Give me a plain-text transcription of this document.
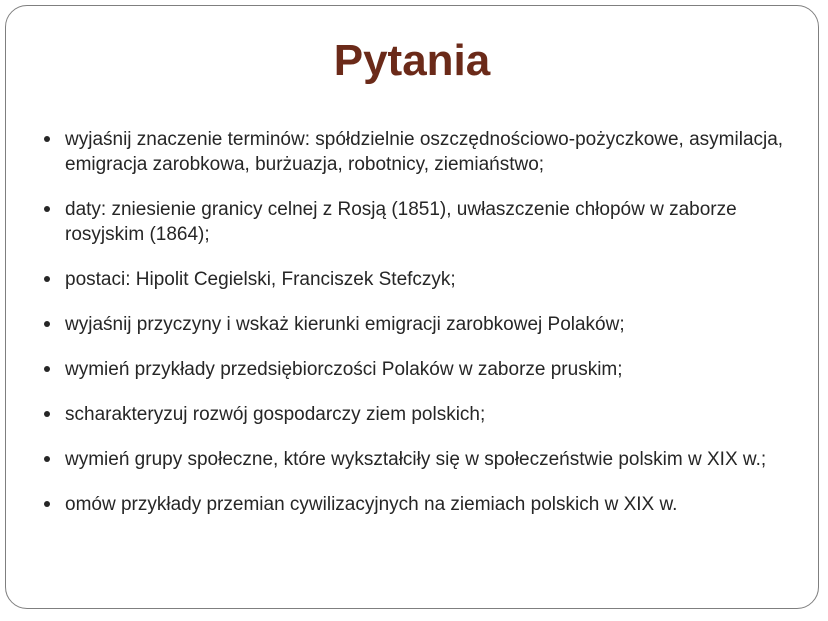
Pytania
wyjaśnij znaczenie terminów: spółdzielnie oszczędnościowo-pożyczkowe, asymilacja, emigracja zarobkowa, burżuazja, robotnicy, ziemiaństwo;
daty: zniesienie granicy celnej z Rosją (1851), uwłaszczenie chłopów w zaborze rosyjskim (1864);
postaci: Hipolit Cegielski, Franciszek Stefczyk;
wyjaśnij przyczyny i wskaż kierunki emigracji zarobkowej Polaków;
wymień przykłady przedsiębiorczości Polaków w zaborze pruskim;
scharakteryzuj rozwój gospodarczy ziem polskich;
wymień grupy społeczne, które wykształciły się w społeczeństwie polskim w XIX w.;
omów przykłady przemian cywilizacyjnych na ziemiach polskich w XIX w.
